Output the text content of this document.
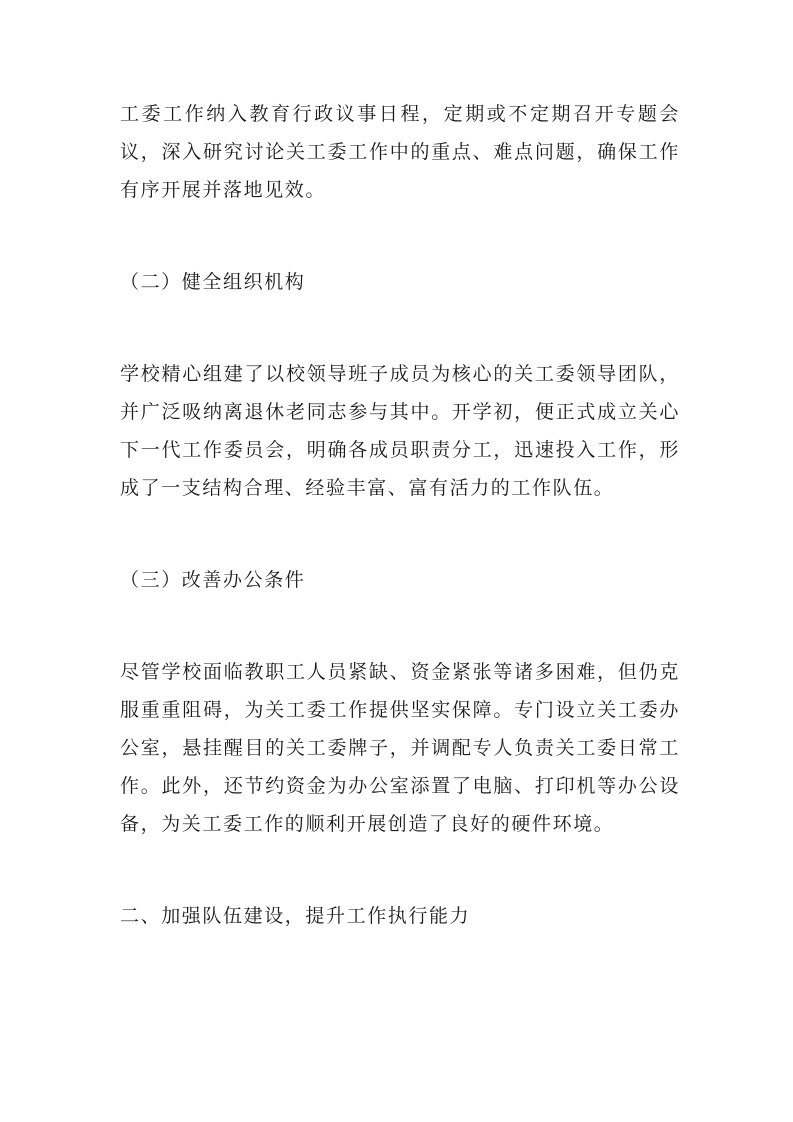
工委工作纳入教育行政议事日程，定期或不定期召开专题会议，深入研究讨论关工委工作中的重点、难点问题，确保工作有序开展并落地见效。

（二）健全组织机构

学校精心组建了以校领导班子成员为核心的关工委领导团队，并广泛吸纳离退休老同志参与其中。开学初，便正式成立关心下一代工作委员会，明确各成员职责分工，迅速投入工作，形成了一支结构合理、经验丰富、富有活力的工作队伍。

（三）改善办公条件

尽管学校面临教职工人员紧缺、资金紧张等诸多困难，但仍克服重重阻碍，为关工委工作提供坚实保障。专门设立关工委办公室，悬挂醒目的关工委牌子，并调配专人负责关工委日常工作。此外，还节约资金为办公室添置了电脑、打印机等办公设备，为关工委工作的顺利开展创造了良好的硬件环境。

二、加强队伍建设，提升工作执行能力
